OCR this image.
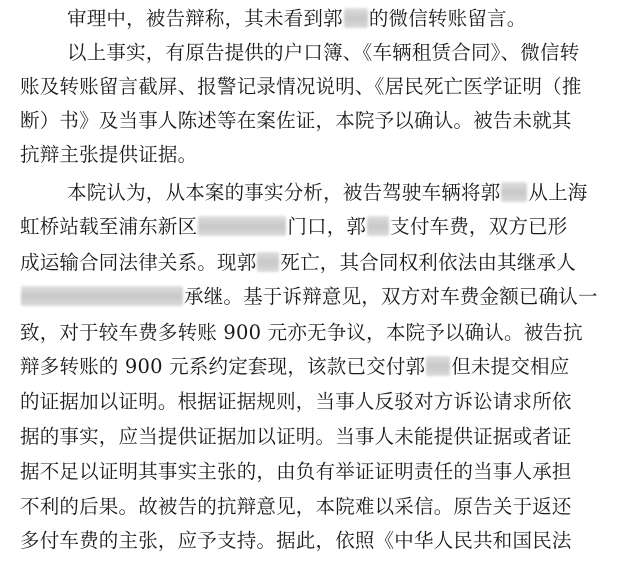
审理中，被告辩称，其未看到郭 的微信转账留言。
以上事实，有原告提供的户口簿、《车辆租赁合同》、微信转
账及转账留言截屏、报警记录情况说明、《居民死亡医学证明（推
断）书》及当事人陈述等在案佐证，本院予以确认。被告未就其
抗辩主张提供证据。
本院认为，从本案的事实分析，被告驾驶车辆将郭 从上海
虹桥站载至浦东新区	门口，郭 支付车费，双方已形
成运输合同法律关系。现郭 死亡，其合同权利依法由其继承人
承继。基于诉辩意见，双方对车费金额已确认一
致，对于较车费多转账 900 元亦无争议，本院予以确认。被告抗
辩多转账的 900 元系约定套现，该款已交付郭 但未提交相应
的证据加以证明。根据证据规则，当事人反驳对方诉讼请求所依
据的事实，应当提供证据加以证明。当事人未能提供证据或者证
据不足以证明其事实主张的，由负有举证证明责任的当事人承担
不利的后果。故被告的抗辩意见，本院难以采信。原告关于返还
多付车费的主张，应予支持。据此，依照《中华人民共和国民法
